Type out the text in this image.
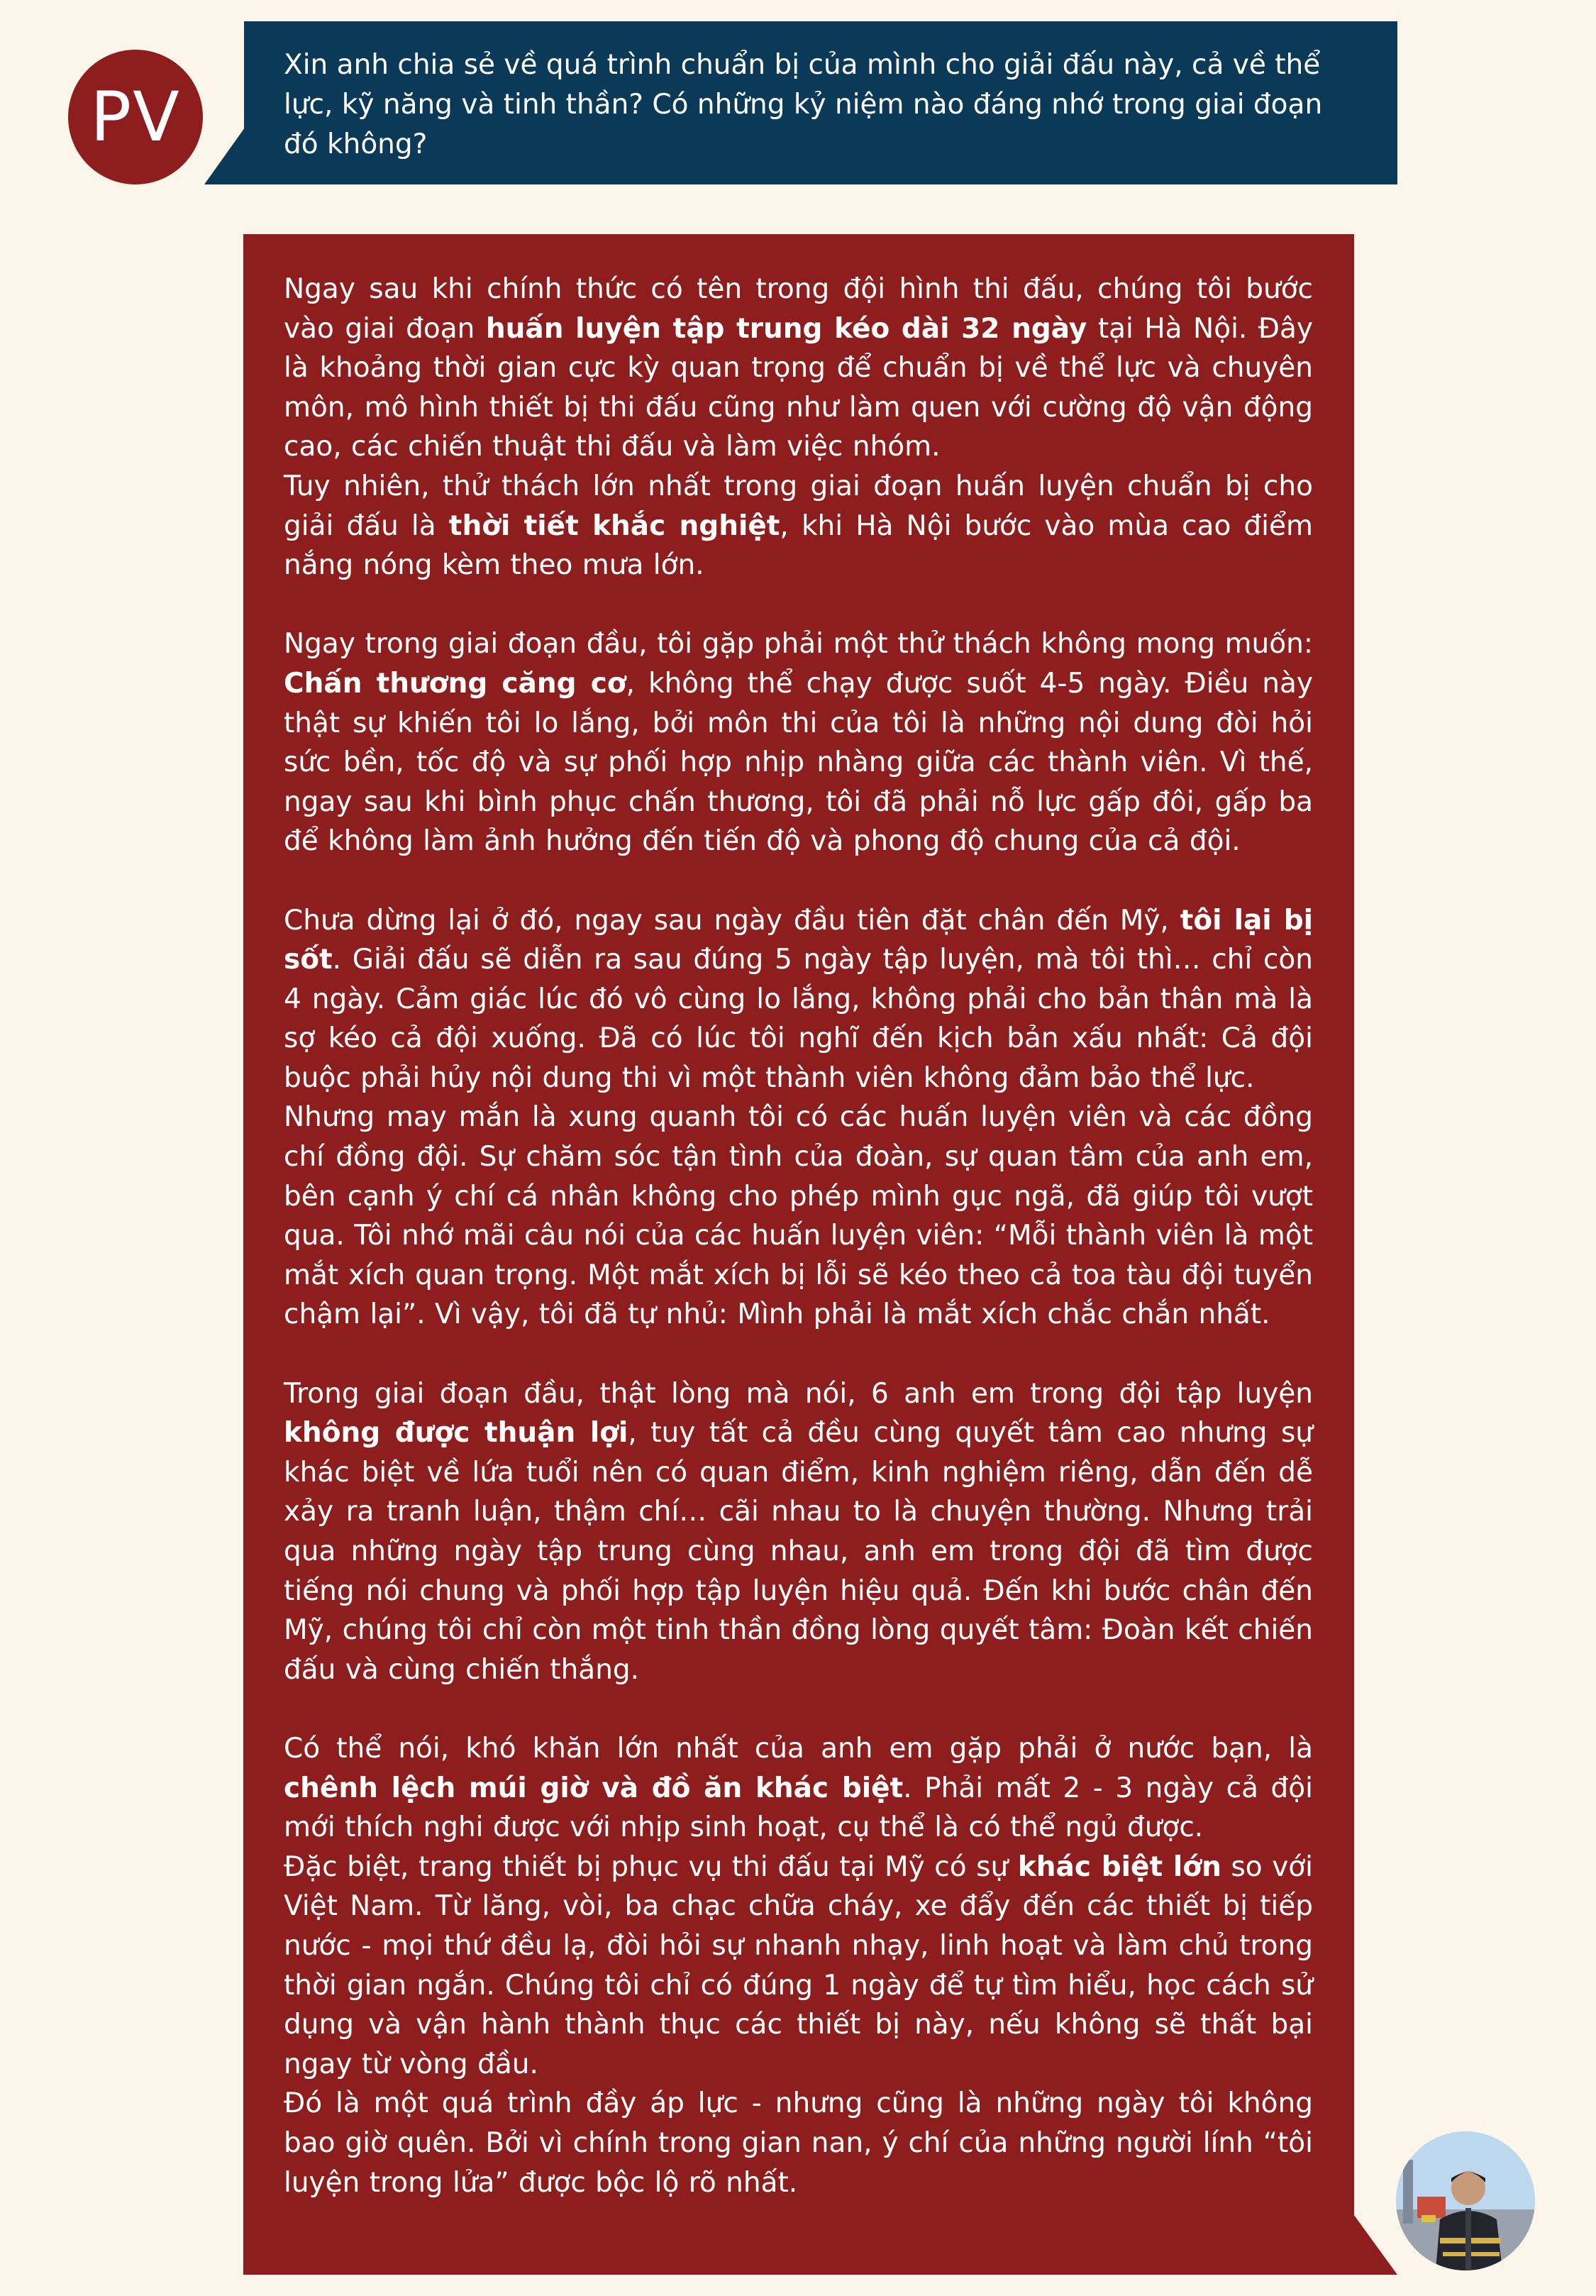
PV
Xin anh chia sẻ về quá trình chuẩn bị của mình cho giải đấu này, cả về thể lực, kỹ năng và tinh thần? Có những kỷ niệm nào đáng nhớ trong giai đoạn đó không?

Ngay sau khi chính thức có tên trong đội hình thi đấu, chúng tôi bước vào giai đoạn huấn luyện tập trung kéo dài 32 ngày tại Hà Nội. Đây là khoảng thời gian cực kỳ quan trọng để chuẩn bị về thể lực và chuyên môn, mô hình thiết bị thi đấu cũng như làm quen với cường độ vận động cao, các chiến thuật thi đấu và làm việc nhóm.

Tuy nhiên, thử thách lớn nhất trong giai đoạn huấn luyện chuẩn bị cho giải đấu là thời tiết khắc nghiệt, khi Hà Nội bước vào mùa cao điểm nắng nóng kèm theo mưa lớn.

Ngay trong giai đoạn đầu, tôi gặp phải một thử thách không mong muốn: Chấn thương căng cơ, không thể chạy được suốt 4-5 ngày. Điều này thật sự khiến tôi lo lắng, bởi môn thi của tôi là những nội dung đòi hỏi sức bền, tốc độ và sự phối hợp nhịp nhàng giữa các thành viên. Vì thế, ngay sau khi bình phục chấn thương, tôi đã phải nỗ lực gấp đôi, gấp ba để không làm ảnh hưởng đến tiến độ và phong độ chung của cả đội.

Chưa dừng lại ở đó, ngay sau ngày đầu tiên đặt chân đến Mỹ, tôi lại bị sốt. Giải đấu sẽ diễn ra sau đúng 5 ngày tập luyện, mà tôi thì… chỉ còn 4 ngày. Cảm giác lúc đó vô cùng lo lắng, không phải cho bản thân mà là sợ kéo cả đội xuống. Đã có lúc tôi nghĩ đến kịch bản xấu nhất: Cả đội buộc phải hủy nội dung thi vì một thành viên không đảm bảo thể lực.

Nhưng may mắn là xung quanh tôi có các huấn luyện viên và các đồng chí đồng đội. Sự chăm sóc tận tình của đoàn, sự quan tâm của anh em, bên cạnh ý chí cá nhân không cho phép mình gục ngã, đã giúp tôi vượt qua. Tôi nhớ mãi câu nói của các huấn luyện viên: “Mỗi thành viên là một mắt xích quan trọng. Một mắt xích bị lỗi sẽ kéo theo cả toa tàu đội tuyển chậm lại”. Vì vậy, tôi đã tự nhủ: Mình phải là mắt xích chắc chắn nhất.

Trong giai đoạn đầu, thật lòng mà nói, 6 anh em trong đội tập luyện không được thuận lợi, tuy tất cả đều cùng quyết tâm cao nhưng sự khác biệt về lứa tuổi nên có quan điểm, kinh nghiệm riêng, dẫn đến dễ xảy ra tranh luận, thậm chí… cãi nhau to là chuyện thường. Nhưng trải qua những ngày tập trung cùng nhau, anh em trong đội đã tìm được tiếng nói chung và phối hợp tập luyện hiệu quả. Đến khi bước chân đến Mỹ, chúng tôi chỉ còn một tinh thần đồng lòng quyết tâm: Đoàn kết chiến đấu và cùng chiến thắng.

Có thể nói, khó khăn lớn nhất của anh em gặp phải ở nước bạn, là chênh lệch múi giờ và đồ ăn khác biệt. Phải mất 2 - 3 ngày cả đội mới thích nghi được với nhịp sinh hoạt, cụ thể là có thể ngủ được.

Đặc biệt, trang thiết bị phục vụ thi đấu tại Mỹ có sự khác biệt lớn so với Việt Nam. Từ lăng, vòi, ba chạc chữa cháy, xe đẩy đến các thiết bị tiếp nước - mọi thứ đều lạ, đòi hỏi sự nhanh nhạy, linh hoạt và làm chủ trong thời gian ngắn. Chúng tôi chỉ có đúng 1 ngày để tự tìm hiểu, học cách sử dụng và vận hành thành thục các thiết bị này, nếu không sẽ thất bại ngay từ vòng đầu.

Đó là một quá trình đầy áp lực - nhưng cũng là những ngày tôi không bao giờ quên. Bởi vì chính trong gian nan, ý chí của những người lính “tôi luyện trong lửa” được bộc lộ rõ nhất.
